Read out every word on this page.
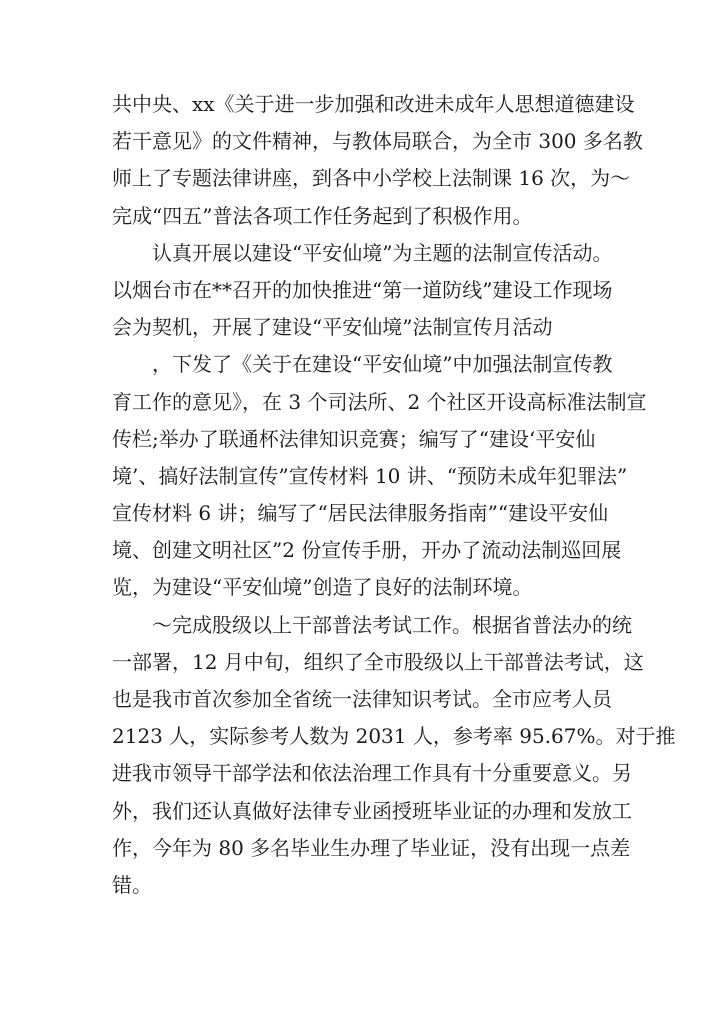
共中央、xx《关于进一步加强和改进未成年人思想道德建设
若干意见》的文件精神，与教体局联合，为全市 300 多名教
师上了专题法律讲座，到各中小学校上法制课 16 次，为～
完成“四五”普法各项工作任务起到了积极作用。
认真开展以建设“平安仙境”为主题的法制宣传活动。
以烟台市在**召开的加快推进“第一道防线”建设工作现场
会为契机，开展了建设“平安仙境”法制宣传月活动
，下发了《关于在建设“平安仙境”中加强法制宣传教
育工作的意见》，在 3 个司法所、2 个社区开设高标准法制宣
传栏;举办了联通杯法律知识竞赛；编写了“建设‘平安仙
境’、搞好法制宣传”宣传材料 10 讲、“预防未成年犯罪法”
宣传材料 6 讲；编写了“居民法律服务指南”“建设平安仙
境、创建文明社区”2 份宣传手册，开办了流动法制巡回展
览，为建设“平安仙境”创造了良好的法制环境。
～完成股级以上干部普法考试工作。根据省普法办的统
一部署，12 月中旬，组织了全市股级以上干部普法考试，这
也是我市首次参加全省统一法律知识考试。全市应考人员
2123 人，实际参考人数为 2031 人，参考率 95.67%。对于推
进我市领导干部学法和依法治理工作具有十分重要意义。另
外，我们还认真做好法律专业函授班毕业证的办理和发放工
作，今年为 80 多名毕业生办理了毕业证，没有出现一点差
错。
